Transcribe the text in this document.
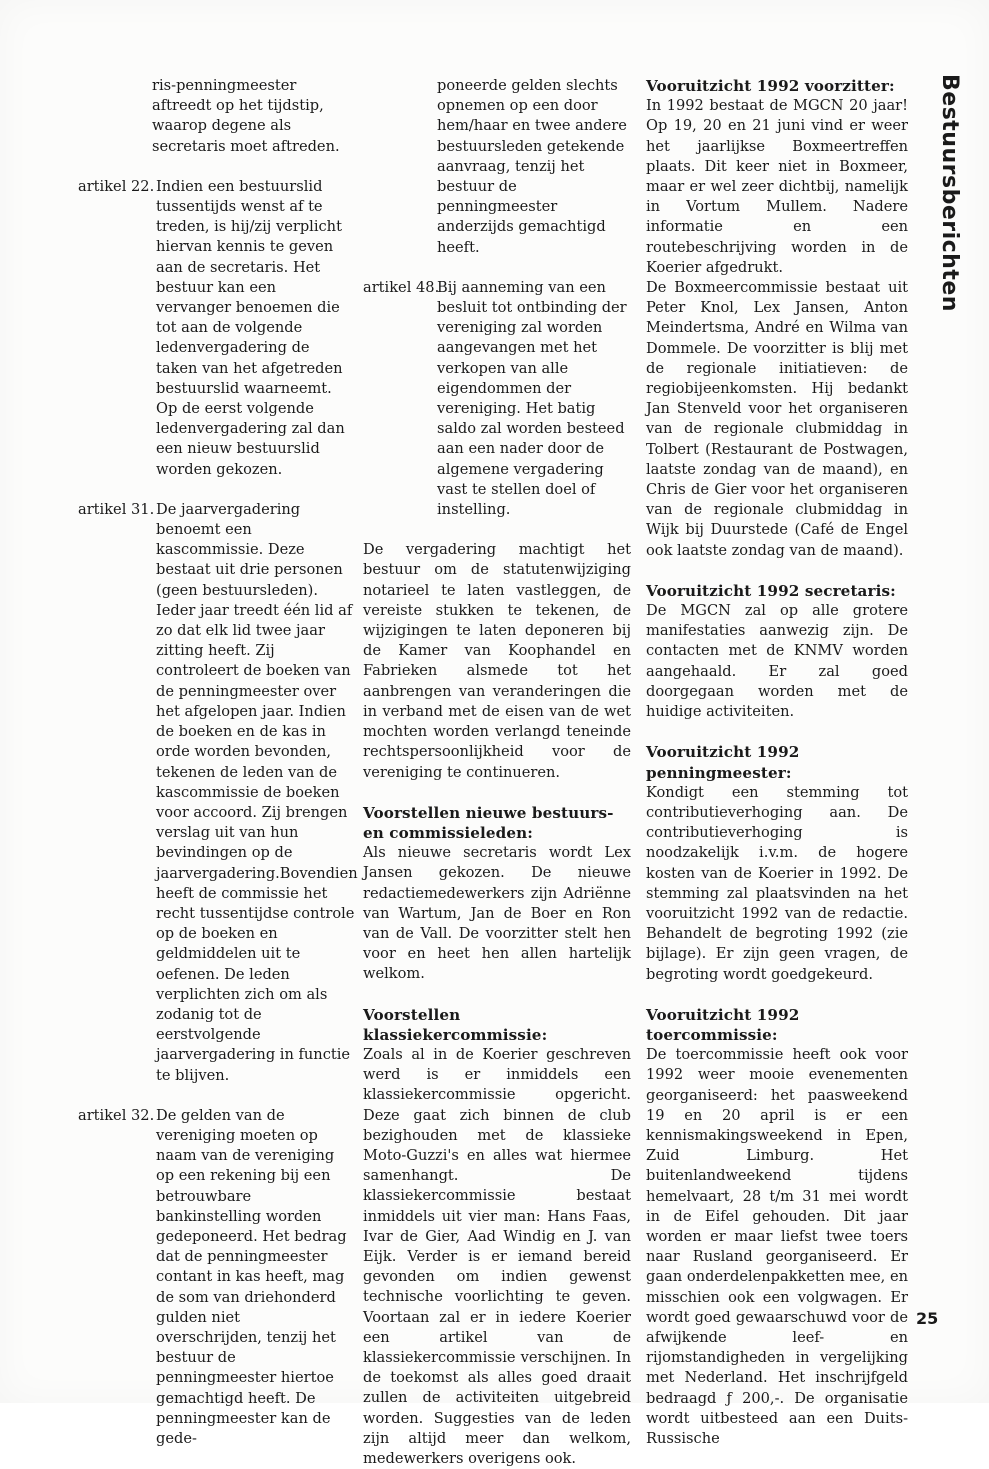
ris-penningmeester aftreedt op het tijdstip, waarop degene als secretaris moet aftreden.

artikel 22. Indien een bestuurslid tussentijds wenst af te treden, is hij/zij verplicht hiervan kennis te geven aan de secretaris. Het bestuur kan een vervanger benoemen die tot aan de volgende ledenvergadering de taken van het afgetreden bestuurslid waarneemt.

Op de eerst volgende ledenvergadering zal dan een nieuw bestuurslid worden gekozen.

artikel 31. De jaarvergadering benoemt een kascommissie. Deze bestaat uit drie personen (geen bestuursleden). Ieder jaar treedt één lid af zo dat elk lid twee jaar zitting heeft. Zij controleert de boeken van de penningmeester over het afgelopen jaar. Indien de boeken en de kas in orde worden bevonden, tekenen de leden van de kascommissie de boeken voor accoord. Zij brengen verslag uit van hun bevindingen op de jaarvergadering.Bovendien heeft de commissie het recht tussentijdse controle op de boeken en geldmiddelen uit te oefenen. De leden verplichten zich om als zodanig tot de eerstvolgende jaarvergadering in functie te blijven.

artikel 32. De gelden van de vereniging moeten op naam van de vereniging op een rekening bij een betrouwbare bankinstelling worden gedeponeerd. Het bedrag dat de penningmeester contant in kas heeft, mag de som van driehonderd gulden niet overschrijden, tenzij het bestuur de penningmeester hiertoe gemachtigd heeft. De penningmeester kan de gede-

poneerde gelden slechts opnemen op een door hem/haar en twee andere bestuursleden getekende aanvraag, tenzij het bestuur de penningmeester anderzijds gemachtigd heeft.

artikel 48.

Bij aanneming van een besluit tot ontbinding der vereniging zal worden aangevangen met het verkopen van alle eigendommen der vereniging. Het batig saldo zal worden besteed aan een nader door de algemene vergadering vast te stellen doel of instelling.

De vergadering machtigt het bestuur om de statutenwijziging notarieel te laten vastleggen, de vereiste stukken te tekenen, de wijzigingen te laten deponeren bij de Kamer van Koophandel en Fabrieken alsmede tot het aanbrengen van veranderingen die in verband met de eisen van de wet mochten worden verlangd teneinde rechtspersoonlijkheid voor de vereniging te continueren.

Voorstellen nieuwe bestuurs- en commissieleden:

Als nieuwe secretaris wordt Lex Jansen gekozen. De nieuwe redactiemedewerkers zijn Adriënne van Wartum, Jan de Boer en Ron van de Vall. De voorzitter stelt hen voor en heet hen allen hartelijk welkom.

Voorstellen klassiekercommissie:

Zoals al in de Koerier geschreven werd is er inmiddels een klassiekercommissie opgericht. Deze gaat zich binnen de club bezighouden met de klassieke Moto-Guzzi's en alles wat hiermee samenhangt. De klassiekercommissie bestaat inmiddels uit vier man: Hans Faas, Ivar de Gier, Aad Windig en J. van Eijk. Verder is er iemand bereid gevonden om indien gewenst technische voorlichting te geven. Voortaan zal er in iedere Koerier een artikel van de klassiekercommissie verschijnen. In de toekomst als alles goed draait zullen de activiteiten uitgebreid worden. Suggesties van de leden zijn altijd meer dan welkom, medewerkers overigens ook.

Vooruitzicht 1992 voorzitter:

In 1992 bestaat de MGCN 20 jaar! Op 19, 20 en 21 juni vind er weer het jaarlijkse Boxmeertreffen plaats. Dit keer niet in Boxmeer, maar er wel zeer dichtbij, namelijk in Vortum Mullem. Nadere informatie en een routebeschrijving worden in de Koerier afgedrukt.

De Boxmeercommissie bestaat uit Peter Knol, Lex Jansen, Anton Meindertsma, André en Wilma van Dommele. De voorzitter is blij met de regionale initiatieven: de regiobijeenkomsten. Hij bedankt Jan Stenveld voor het organiseren van de regionale clubmiddag in Tolbert (Restaurant de Postwagen, laatste zondag van de maand), en Chris de Gier voor het organiseren van de regionale clubmiddag in Wijk bij Duurstede (Café de Engel ook laatste zondag van de maand).

Vooruitzicht 1992 secretaris:

De MGCN zal op alle grotere manifestaties aanwezig zijn. De contacten met de KNMV worden aangehaald. Er zal goed doorgegaan worden met de huidige activiteiten.

Vooruitzicht 1992 penningmeester:

Kondigt een stemming tot contributieverhoging aan. De contributieverhoging is noodzakelijk i.v.m. de hogere kosten van de Koerier in 1992. De stemming zal plaatsvinden na het vooruitzicht 1992 van de redactie. Behandelt de begroting 1992 (zie bijlage). Er zijn geen vragen, de begroting wordt goedgekeurd.

Vooruitzicht 1992 toercommissie:

De toercommissie heeft ook voor 1992 weer mooie evenementen georganiseerd: het paasweekend 19 en 20 april is er een kennismakingsweekend in Epen, Zuid Limburg. Het buitenlandweekend tijdens hemelvaart, 28 t/m 31 mei wordt in de Eifel gehouden. Dit jaar worden er maar liefst twee toers naar Rusland georganiseerd. Er gaan onderdelenpakketten mee, en misschien ook een volgwagen. Er wordt goed gewaarschuwd voor de afwijkende leef- en rijomstandigheden in vergelijking met Nederland. Het inschrijfgeld bedraagd ƒ 200,-. De organisatie wordt uitbesteed aan een Duits-Russische

Bestuursberichten
25
